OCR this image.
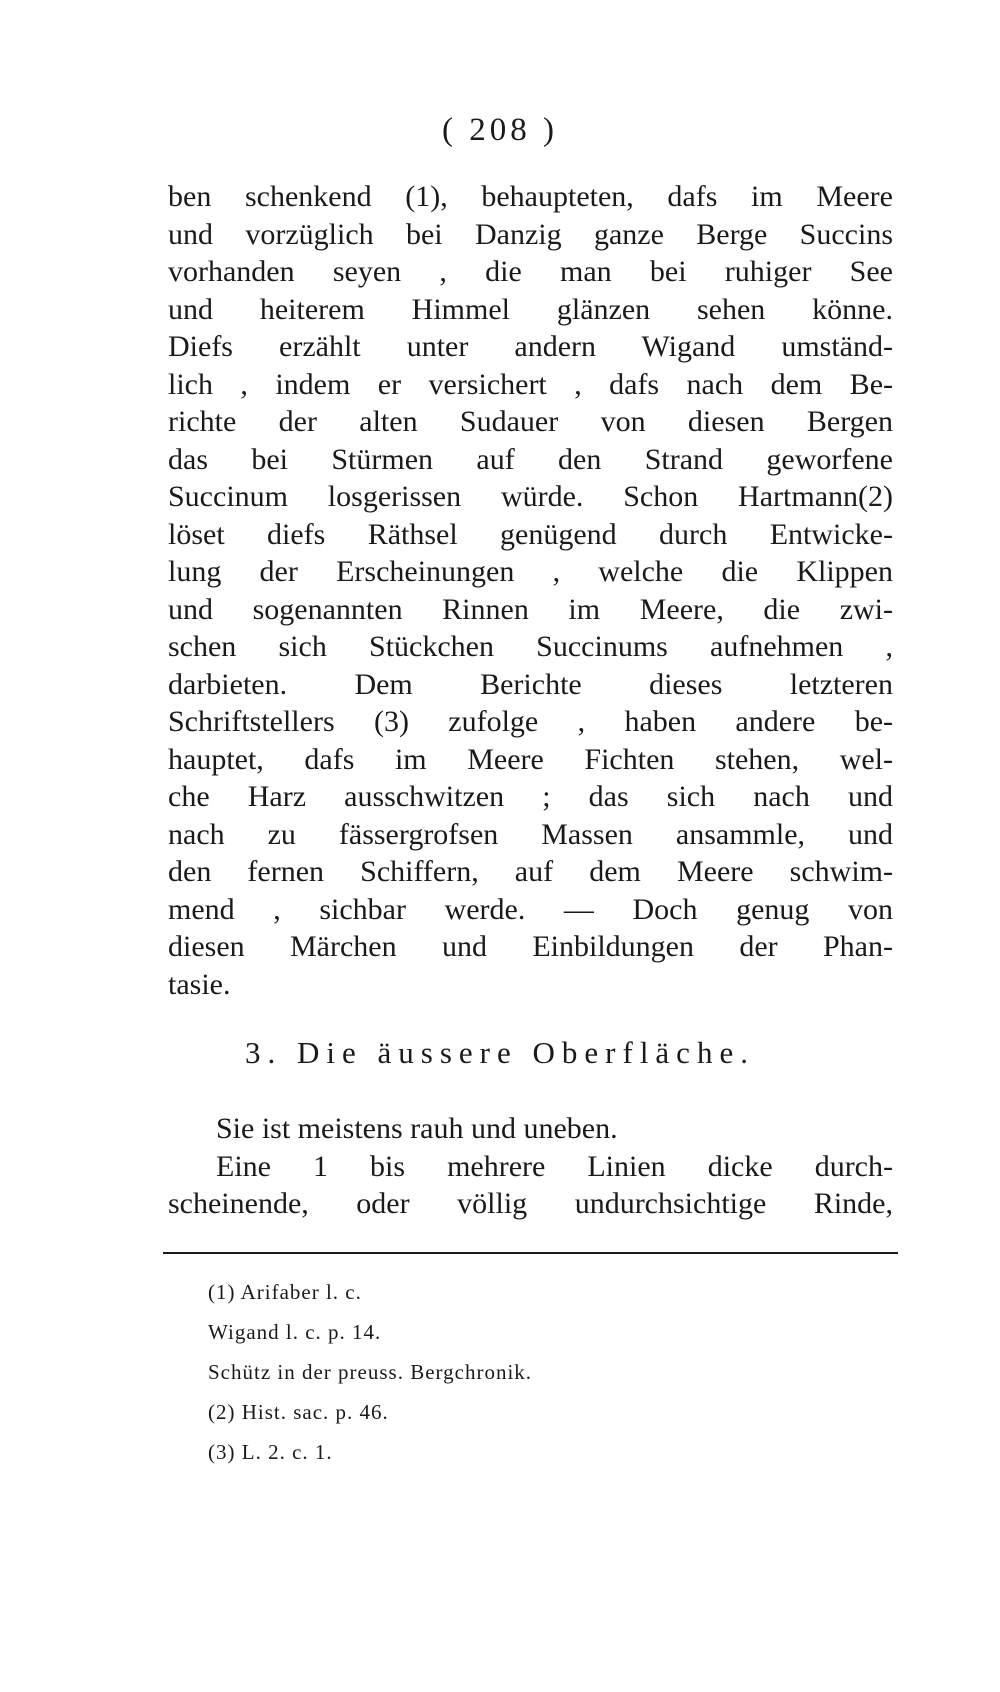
( 208 )
ben schenkend (1), behaupteten, dafs im Meere
und vorzüglich bei Danzig ganze Berge Succins
vorhanden seyen , die man bei ruhiger See
und heiterem Himmel glänzen sehen könne.
Diefs erzählt unter andern Wigand umständ-
lich , indem er versichert , dafs nach dem Be-
richte der alten Sudauer von diesen Bergen
das bei Stürmen auf den Strand geworfene
Succinum losgerissen würde. Schon Hartmann(2)
löset diefs Räthsel genügend durch Entwicke-
lung der Erscheinungen , welche die Klippen
und sogenannten Rinnen im Meere, die zwi-
schen sich Stückchen Succinums aufnehmen ,
darbieten. Dem Berichte dieses letzteren
Schriftstellers (3) zufolge , haben andere be-
hauptet, dafs im Meere Fichten stehen, wel-
che Harz ausschwitzen ; das sich nach und
nach zu fässergrofsen Massen ansammle, und
den fernen Schiffern, auf dem Meere schwim-
mend , sichbar werde. — Doch genug von
diesen Märchen und Einbildungen der Phan-
tasie.
3. Die äussere Oberfläche.
Sie ist meistens rauh und uneben.
Eine 1 bis mehrere Linien dicke durch-
scheinende, oder völlig undurchsichtige Rinde,
(1) Arifaber l. c.
Wigand l. c. p. 14.
Schütz in der preuss. Bergchronik.
(2) Hist. sac. p. 46.
(3) L. 2. c. 1.
